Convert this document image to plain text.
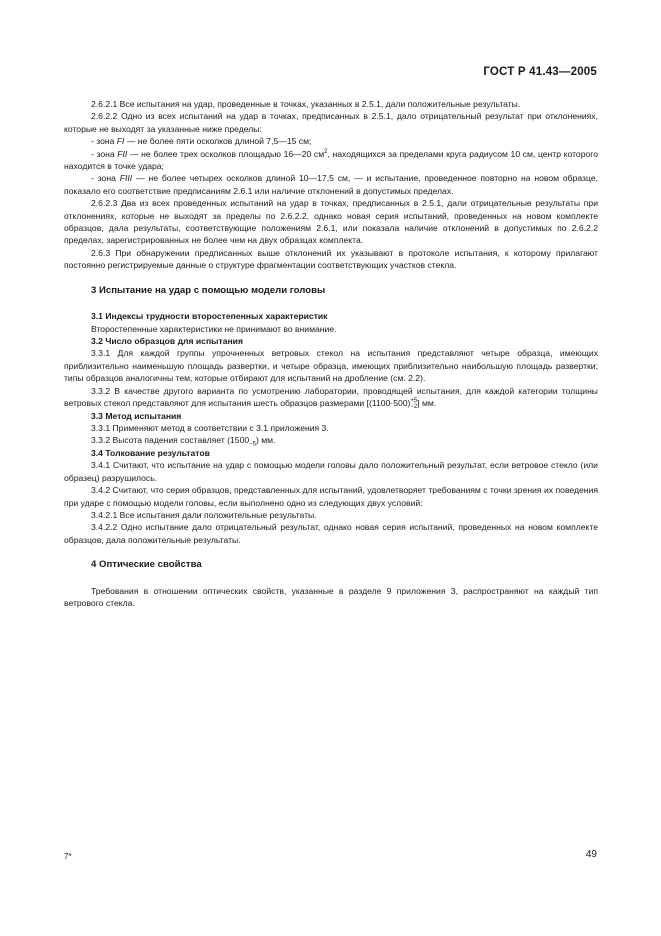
ГОСТ Р 41.43—2005

2.6.2.1 Все испытания на удар, проведенные в точках, указанных в 2.5.1, дали положительные результаты.

2.6.2.2 Одно из всех испытаний на удар в точках, предписанных в 2.5.1, дало отрицательный результат при отклонениях, которые не выходят за указанные ниже пределы:

- зона FI — не более пяти осколков длиной 7,5—15 см;

- зона FII — не более трех осколков площадью 16—20 $см^2$, находящихся за пределами круга радиусом 10 см, центр которого находится в точке удара;

- зона FIII — не более четырех осколков длиной 10—17,5 см, — и испытание, проведенное повторно на новом образце, показало его соответствие предписаниям 2.6.1 или наличие отклонений в допустимых пределах.

2.6.2.3 Два из всех проведенных испытаний на удар в точках, предписанных в 2.5.1, дали отрицательные результаты при отклонениях, которые не выходят за пределы по 2.6.2.2, однако новая серия испытаний, проведенных на новом комплекте образцов, дала результаты, соответствующие положениям 2.6.1, или показала наличие отклонений в допустимых по 2.6.2.2 пределах, зарегистрированных не более чем на двух образцах комплекта.

2.6.3 При обнаружении предписанных выше отклонений их указывают в протоколе испытания, к которому прилагают постоянно регистрируемые данные о структуре фрагментации соответствующих участков стекла.

3 Испытание на удар с помощью модели головы

3.1 Индексы трудности второстепенных характеристик

Второстепенные характеристики не принимают во внимание.

3.2 Число образцов для испытания

3.3.1 Для каждой группы упрочненных ветровых стекол на испытания представляют четыре образца, имеющих приблизительно наименьшую площадь развертки, и четыре образца, имеющих приблизительно наибольшую площадь развертки; типы образцов аналогичны тем, которые отбирают для испытаний на дробление (см. 2.2).

3.3.2 В качестве другого варианта по усмотрению лаборатории, проводящей испытания, для каждой категории толщины ветровых стекол представляют для испытания шесть образцов размерами [(1100·500) +5
−2 ] мм.

3.3 Метод испытания

3.3.1 Применяют метод в соответствии с 3.1 приложения 3.

3.3.2 Высота падения составляет $(1500_{-5})$ мм.

3.4 Толкование результатов

3.4.1 Считают, что испытание на удар с помощью модели головы дало положительный результат, если ветровое стекло (или образец) разрушилось.

3.4.2 Считают, что серия образцов, представленных для испытаний, удовлетворяет требованиям с точки зрения их поведения при ударе с помощью модели головы, если выполнено одно из следующих двух условий:

3.4.2.1 Все испытания дали положительные результаты.

3.4.2.2 Одно испытание дало отрицательный результат, однако новая серия испытаний, проведенных на новом комплекте образцов, дала положительные результаты.

4 Оптические свойства

Требования в отношении оптических свойств, указанные в разделе 9 приложения 3, распространяют на каждый тип ветрового стекла.

7*	49
